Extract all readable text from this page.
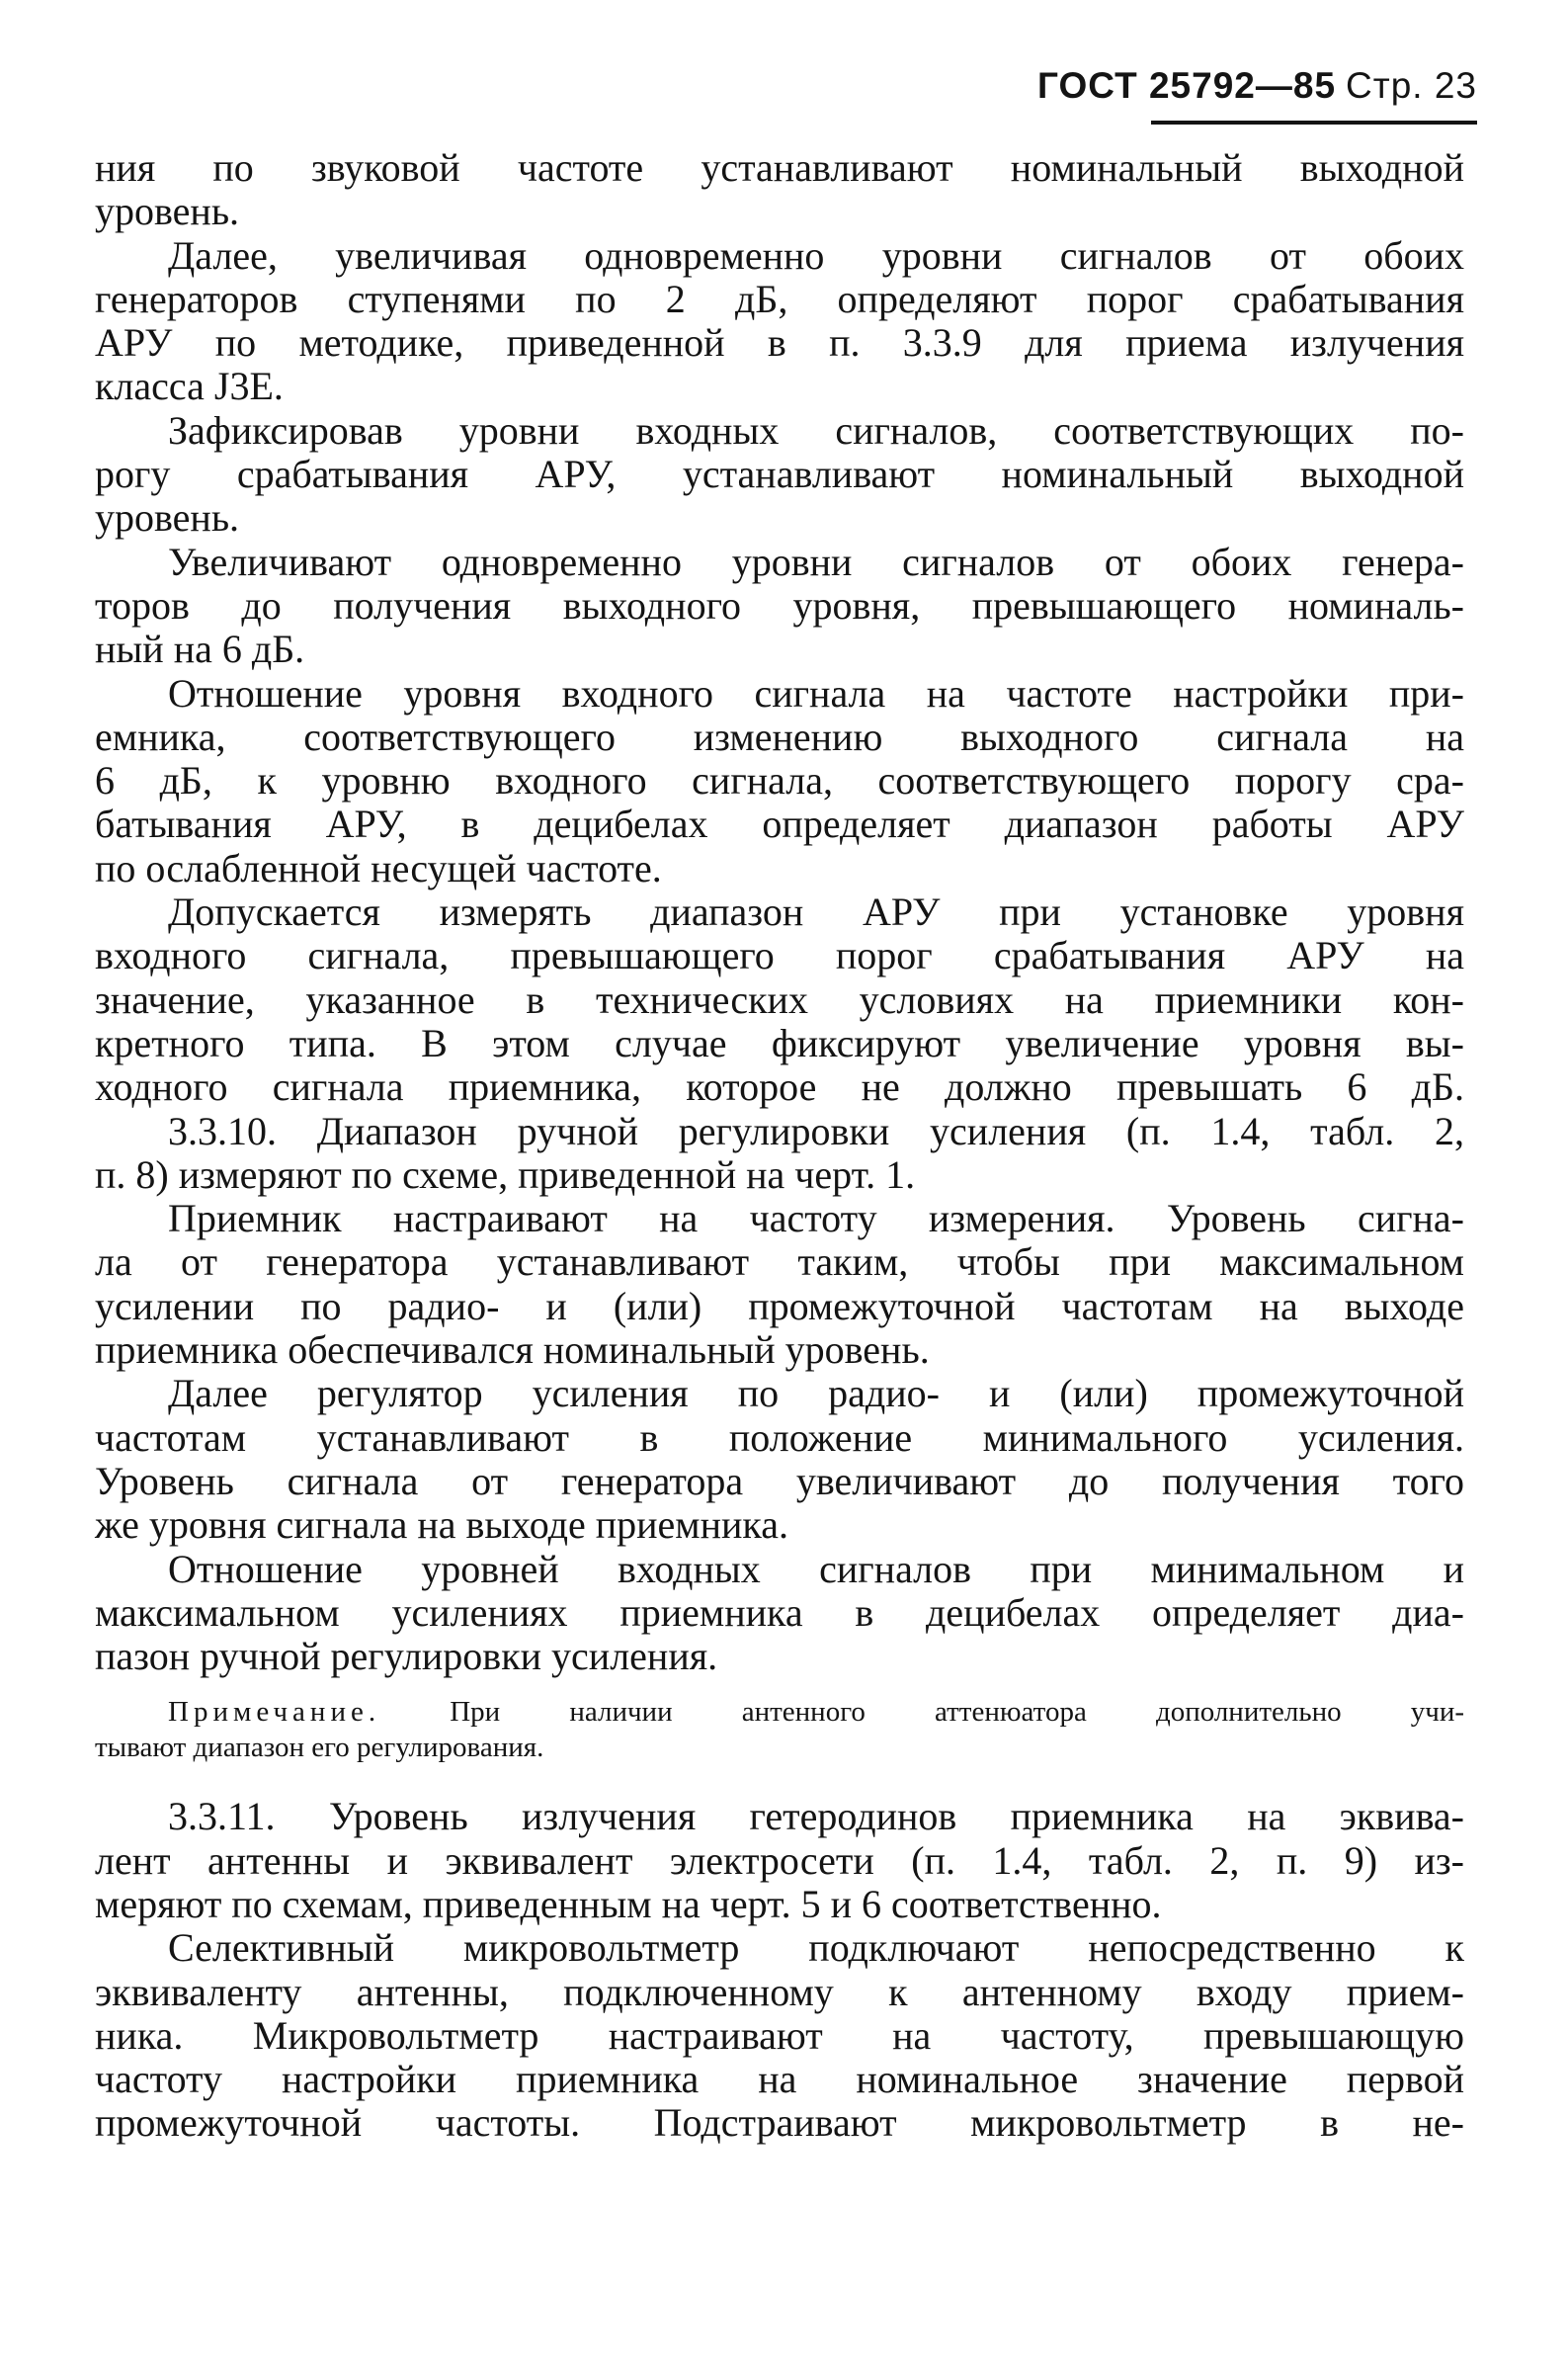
ГОСТ 25792—85 Стр. 23
ния по звуковой частоте устанавливают номинальный выходной
уровень.
Далее, увеличивая одновременно уровни сигналов от обоих
генераторов ступенями по 2 дБ, определяют порог срабатывания
АРУ по методике, приведенной в п. 3.3.9 для приема излучения
класса J3E.
Зафиксировав уровни входных сигналов, соответствующих по-
рогу срабатывания АРУ, устанавливают номинальный выходной
уровень.
Увеличивают одновременно уровни сигналов от обоих генера-
торов до получения выходного уровня, превышающего номиналь-
ный на 6 дБ.
Отношение уровня входного сигнала на частоте настройки при-
емника, соответствующего изменению выходного сигнала на
6 дБ, к уровню входного сигнала, соответствующего порогу сра-
батывания АРУ, в децибелах определяет диапазон работы АРУ
по ослабленной несущей частоте.
Допускается измерять диапазон АРУ при установке уровня
входного сигнала, превышающего порог срабатывания АРУ на
значение, указанное в технических условиях на приемники кон-
кретного типа. В этом случае фиксируют увеличение уровня вы-
ходного сигнала приемника, которое не должно превышать 6 дБ.
3.3.10. Диапазон ручной регулировки усиления (п. 1.4, табл. 2,
п. 8) измеряют по схеме, приведенной на черт. 1.
Приемник настраивают на частоту измерения. Уровень сигна-
ла от генератора устанавливают таким, чтобы при максимальном
усилении по радио- и (или) промежуточной частотам на выходе
приемника обеспечивался номинальный уровень.
Далее регулятор усиления по радио- и (или) промежуточной
частотам устанавливают в положение минимального усиления.
Уровень сигнала от генератора увеличивают до получения того
же уровня сигнала на выходе приемника.
Отношение уровней входных сигналов при минимальном и
максимальном усилениях приемника в децибелах определяет диа-
пазон ручной регулировки усиления.
Примечание. При наличии антенного аттенюатора дополнительно учи-
тывают диапазон его регулирования.
3.3.11. Уровень излучения гетеродинов приемника на эквива-
лент антенны и эквивалент электросети (п. 1.4, табл. 2, п. 9) из-
меряют по схемам, приведенным на черт. 5 и 6 соответственно.
Селективный микровольтметр подключают непосредственно к
эквиваленту антенны, подключенному к антенному входу прием-
ника. Микровольтметр настраивают на частоту, превышающую
частоту настройки приемника на номинальное значение первой
промежуточной частоты. Подстраивают микровольтметр в не-
